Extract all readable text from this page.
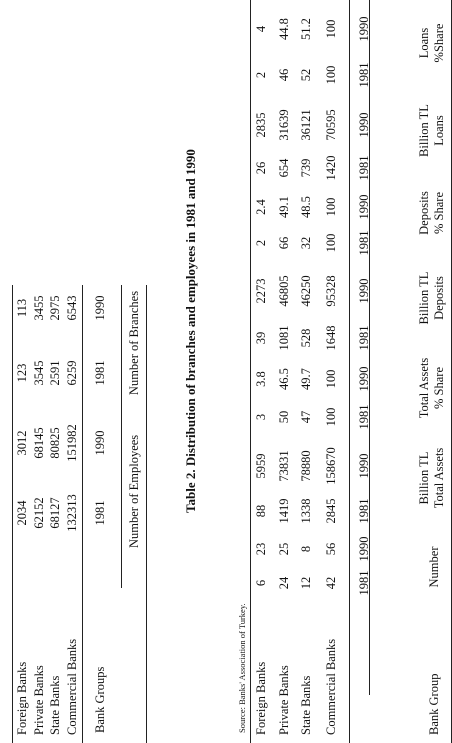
Bank Group
Number
Total Assets
Billion TL
% Share
Total Assets
Deposits
Billion TL
% Share
Deposits
Loans
Billion TL
%Share
Loans
1981
1990
1981
1990
1981
1990
1981
1990
1981
1990
1981
1990
1981
1990
Commercial Banks
42
56
2845
158670
100
100
1648
95328
100
100
1420
70595
100
100
State Banks
12
8
1338
78880
47
49.7
528
46250
32
48.5
739
36121
52
51.2
Private Banks
24
25
1419
73831
50
46.5
1081
46805
66
49.1
654
31639
46
44.8
Foreign Banks
6
23
88
5959
3
3.8
39
2273
2
2.4
26
2835
2
4
Source: Banks' Association of Turkey.
Table 2. Distribution of branches and employees in 1981 and 1990
Bank Groups
Number of Employees
Number of Branches
1981
1990
1981
1990
Commercial Banks
132313
151982
6259
6543
State Banks
68127
80825
2591
2975
Private Banks
62152
68145
3545
3455
Foreign Banks
2034
3012
123
113
